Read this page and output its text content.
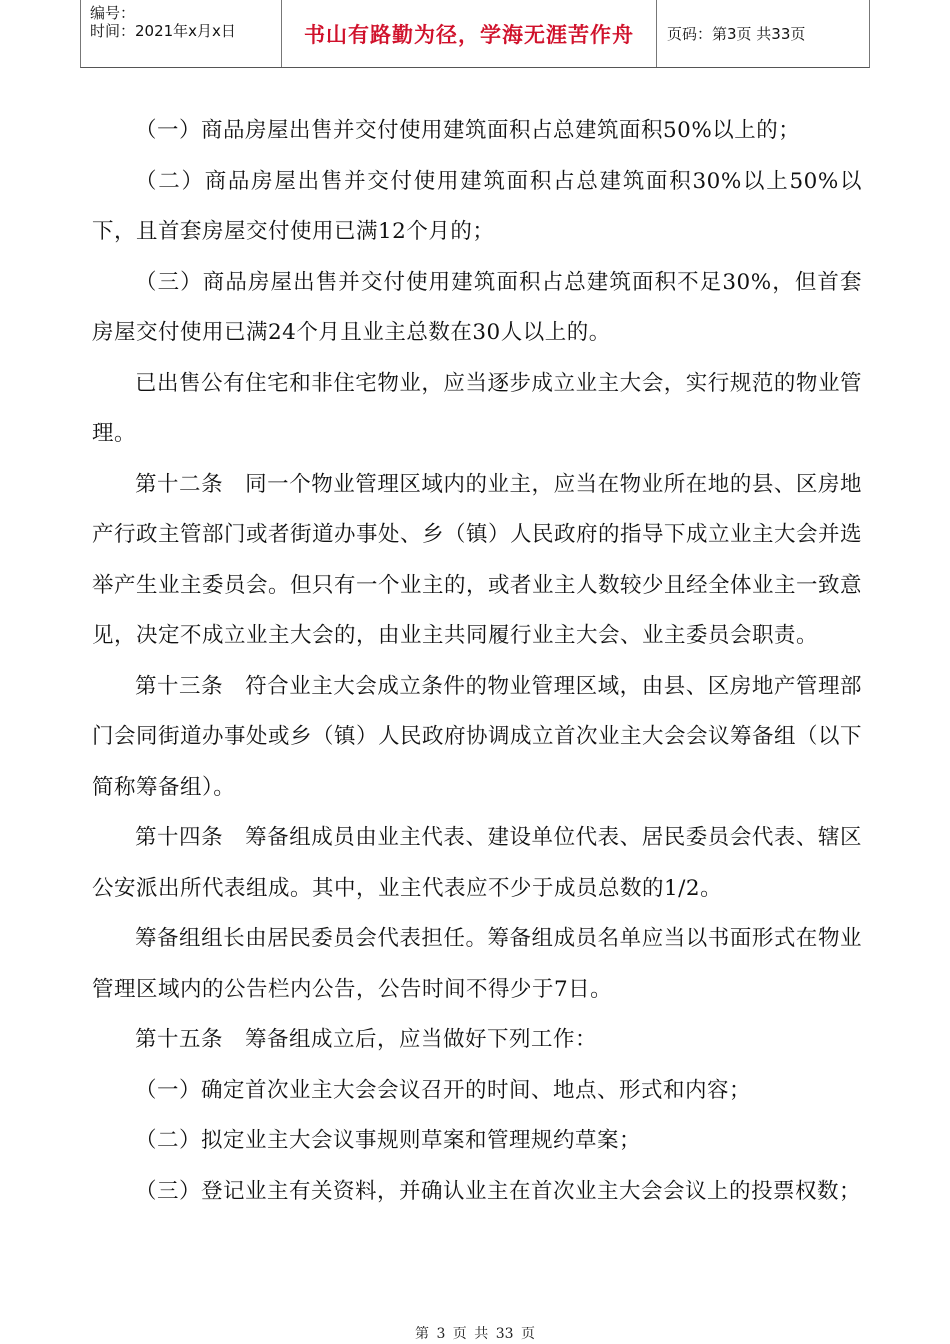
编号：
时间：2021年x月x日	书山有路勤为径，学海无涯苦作舟	页码：第3页 共33页

（一）商品房屋出售并交付使用建筑面积占总建筑面积50%以上的；

（二）商品房屋出售并交付使用建筑面积占总建筑面积30%以上50%以下，且首套房屋交付使用已满12个月的；

（三）商品房屋出售并交付使用建筑面积占总建筑面积不足30%，但首套房屋交付使用已满24个月且业主总数在30人以上的。

已出售公有住宅和非住宅物业，应当逐步成立业主大会，实行规范的物业管理。

第十二条　同一个物业管理区域内的业主，应当在物业所在地的县、区房地产行政主管部门或者街道办事处、乡（镇）人民政府的指导下成立业主大会并选举产生业主委员会。但只有一个业主的，或者业主人数较少且经全体业主一致意见，决定不成立业主大会的，由业主共同履行业主大会、业主委员会职责。

第十三条　符合业主大会成立条件的物业管理区域，由县、区房地产管理部门会同街道办事处或乡（镇）人民政府协调成立首次业主大会会议筹备组（以下简称筹备组）。

第十四条　筹备组成员由业主代表、建设单位代表、居民委员会代表、辖区公安派出所代表组成。其中，业主代表应不少于成员总数的1/2。

筹备组组长由居民委员会代表担任。筹备组成员名单应当以书面形式在物业管理区域内的公告栏内公告，公告时间不得少于7日。

第十五条　筹备组成立后，应当做好下列工作：

（一）确定首次业主大会会议召开的时间、地点、形式和内容；

（二）拟定业主大会议事规则草案和管理规约草案；

（三）登记业主有关资料，并确认业主在首次业主大会会议上的投票权数；

第 3 页 共 33 页
